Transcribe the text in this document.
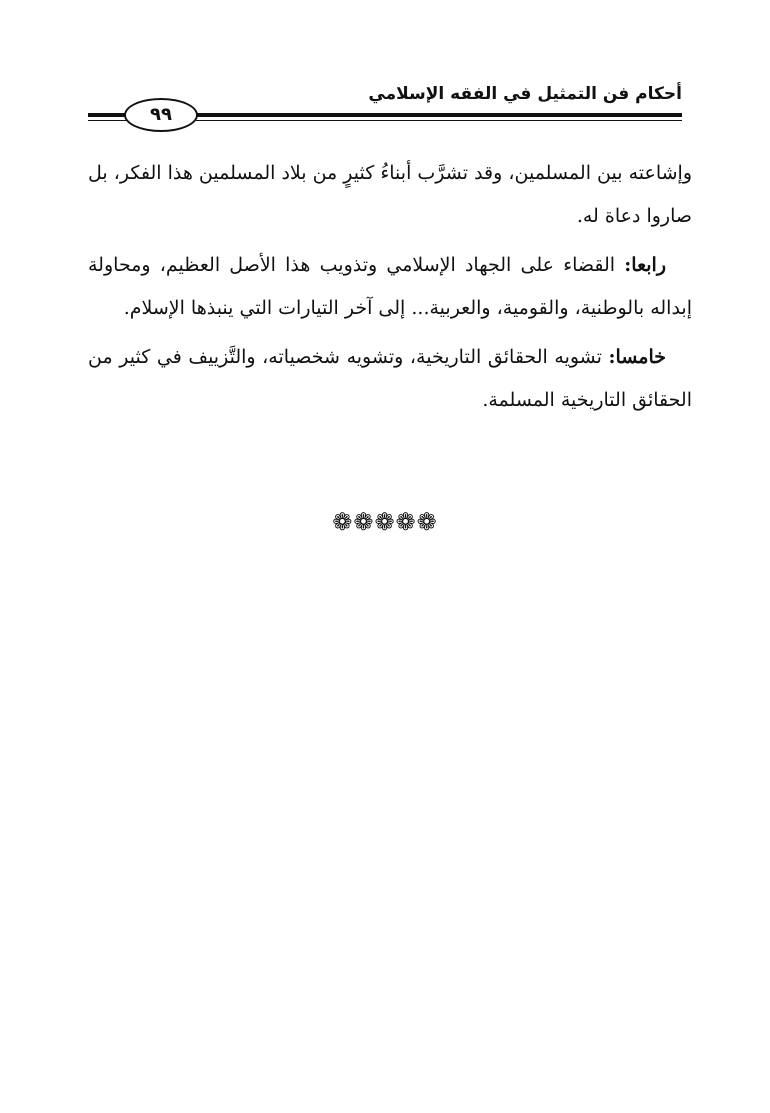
أحكام فن التمثيل في الفقه الإسلامي
٩٩

وإشاعته بين المسلمين، وقد تشرَّب أبناءُ كثيرٍ من بلاد المسلمين هذا الفكر، بل صاروا دعاة له.

رابعا: القضاء على الجهاد الإسلامي وتذويب هذا الأصل العظيم، ومحاولة إبداله بالوطنية، والقومية، والعربية... إلى آخر التيارات التي ينبذها الإسلام.

خامسا: تشويه الحقائق التاريخية، وتشويه شخصياته، والتَّزييف في كثير من الحقائق التاريخية المسلمة.

❁❁❁❁❁
